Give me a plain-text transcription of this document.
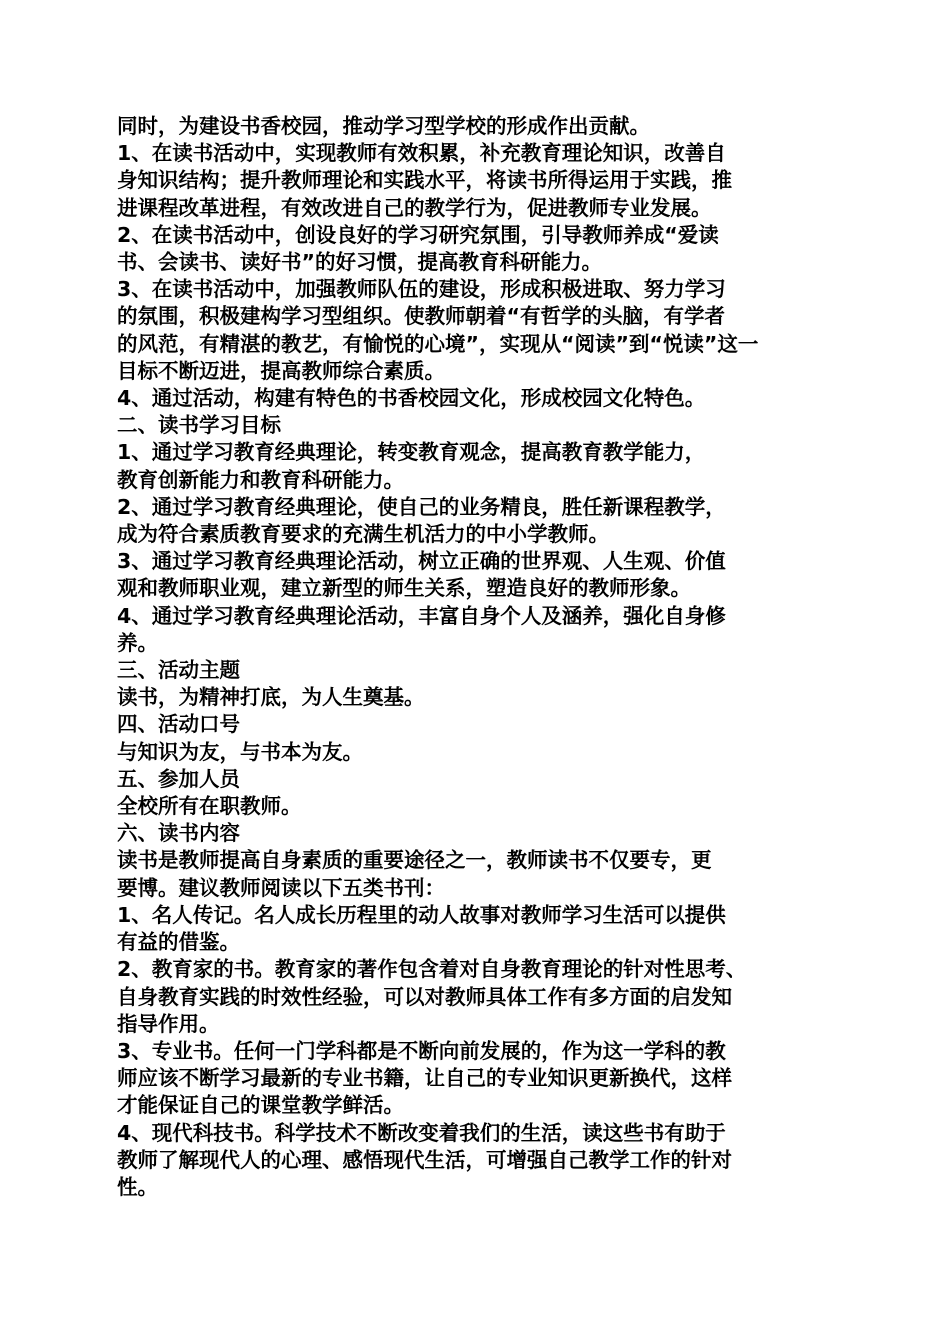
同时，为建设书香校园，推动学习型学校的形成作出贡献。

1、在读书活动中，实现教师有效积累，补充教育理论知识，改善自

身知识结构；提升教师理论和实践水平，将读书所得运用于实践，推

进课程改革进程，有效改进自己的教学行为，促进教师专业发展。

2、在读书活动中，创设良好的学习研究氛围，引导教师养成“爱读

书、会读书、读好书”的好习惯，提高教育科研能力。

3、在读书活动中，加强教师队伍的建设，形成积极进取、努力学习

的氛围，积极建构学习型组织。使教师朝着“有哲学的头脑，有学者

的风范，有精湛的教艺，有愉悦的心境”，实现从“阅读”到“悦读”这一

目标不断迈进，提高教师综合素质。

4、通过活动，构建有特色的书香校园文化，形成校园文化特色。

二、读书学习目标

1、通过学习教育经典理论，转变教育观念，提高教育教学能力，

教育创新能力和教育科研能力。

2、通过学习教育经典理论，使自己的业务精良，胜任新课程教学，

成为符合素质教育要求的充满生机活力的中小学教师。

3、通过学习教育经典理论活动，树立正确的世界观、人生观、价值

观和教师职业观，建立新型的师生关系，塑造良好的教师形象。

4、通过学习教育经典理论活动，丰富自身个人及涵养，强化自身修

养。

三、活动主题

读书，为精神打底，为人生奠基。

四、活动口号

与知识为友，与书本为友。

五、参加人员

全校所有在职教师。

六、读书内容

读书是教师提高自身素质的重要途径之一，教师读书不仅要专，更

要博。建议教师阅读以下五类书刊：

1、名人传记。名人成长历程里的动人故事对教师学习生活可以提供

有益的借鉴。

2、教育家的书。教育家的著作包含着对自身教育理论的针对性思考、

自身教育实践的时效性经验，可以对教师具体工作有多方面的启发知

指导作用。

3、专业书。任何一门学科都是不断向前发展的，作为这一学科的教

师应该不断学习最新的专业书籍，让自己的专业知识更新换代，这样

才能保证自己的课堂教学鲜活。

4、现代科技书。科学技术不断改变着我们的生活，读这些书有助于

教师了解现代人的心理、感悟现代生活，可增强自己教学工作的针对

性。
